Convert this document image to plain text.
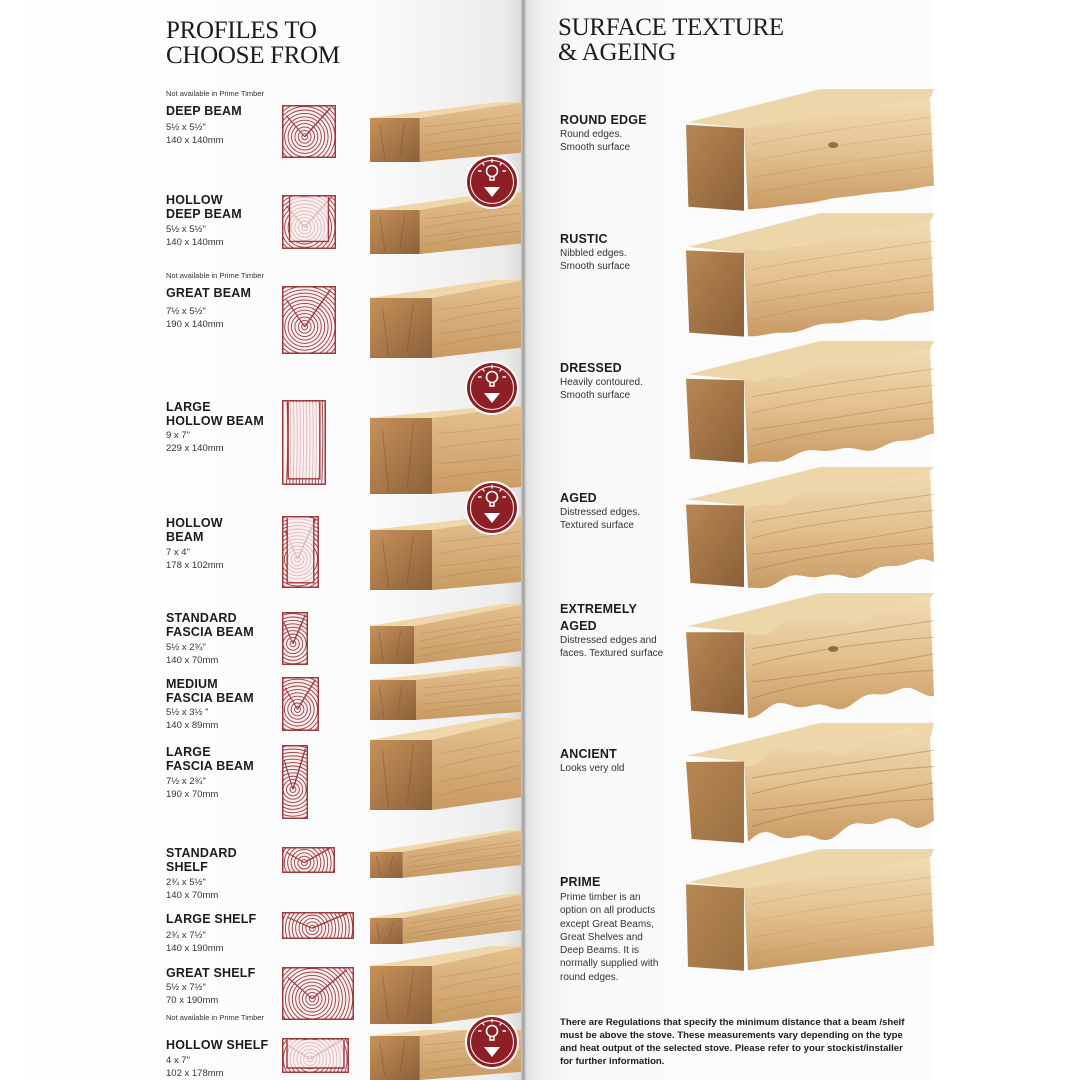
PROFILES TO
CHOOSE FROM
Not available in Prime Timber
DEEP BEAM
5½ x 5½"
140 x 140mm
HOLLOW
DEEP BEAM
5½ x 5½"
140 x 140mm
Not available in Prime Timber
GREAT BEAM
7½ x 5½"
190 x 140mm
LARGE
HOLLOW BEAM
9 x 7"
229 x 140mm
HOLLOW
BEAM
7 x 4"
178 x 102mm
STANDARD
FASCIA BEAM
5½ x 2¾"
140 x 70mm
MEDIUM
FASCIA BEAM
5½ x 3½ "
140 x 89mm
LARGE
FASCIA BEAM
7½ x 2¾"
190 x 70mm
STANDARD
SHELF
2¾ x 5½"
140 x 70mm
LARGE SHELF
2¾ x 7½"
140 x 190mm
GREAT SHELF
5½ x 7½"
70 x 190mm
Not available in Prime Timber
HOLLOW SHELF
4 x 7"
102 x 178mm
SURFACE TEXTURE
& AGEING
ROUND EDGE
Round edges.
Smooth surface
RUSTIC
Nibbled edges.
Smooth surface
DRESSED
Heavily contoured.
Smooth surface
AGED
Distressed edges.
Textured surface
EXTREMELY
AGED
Distressed edges and
faces. Textured surface
ANCIENT
Looks very old
PRIME
Prime timber is an
option on all products
except Great Beams,
Great Shelves and
Deep Beams. It is
normally supplied with
round edges.
There are Regulations that specify the minimum distance that a beam /shelf must be above the stove. These measurements vary depending on the type and heat output of the selected stove. Please refer to your stockist/installer for further information.
